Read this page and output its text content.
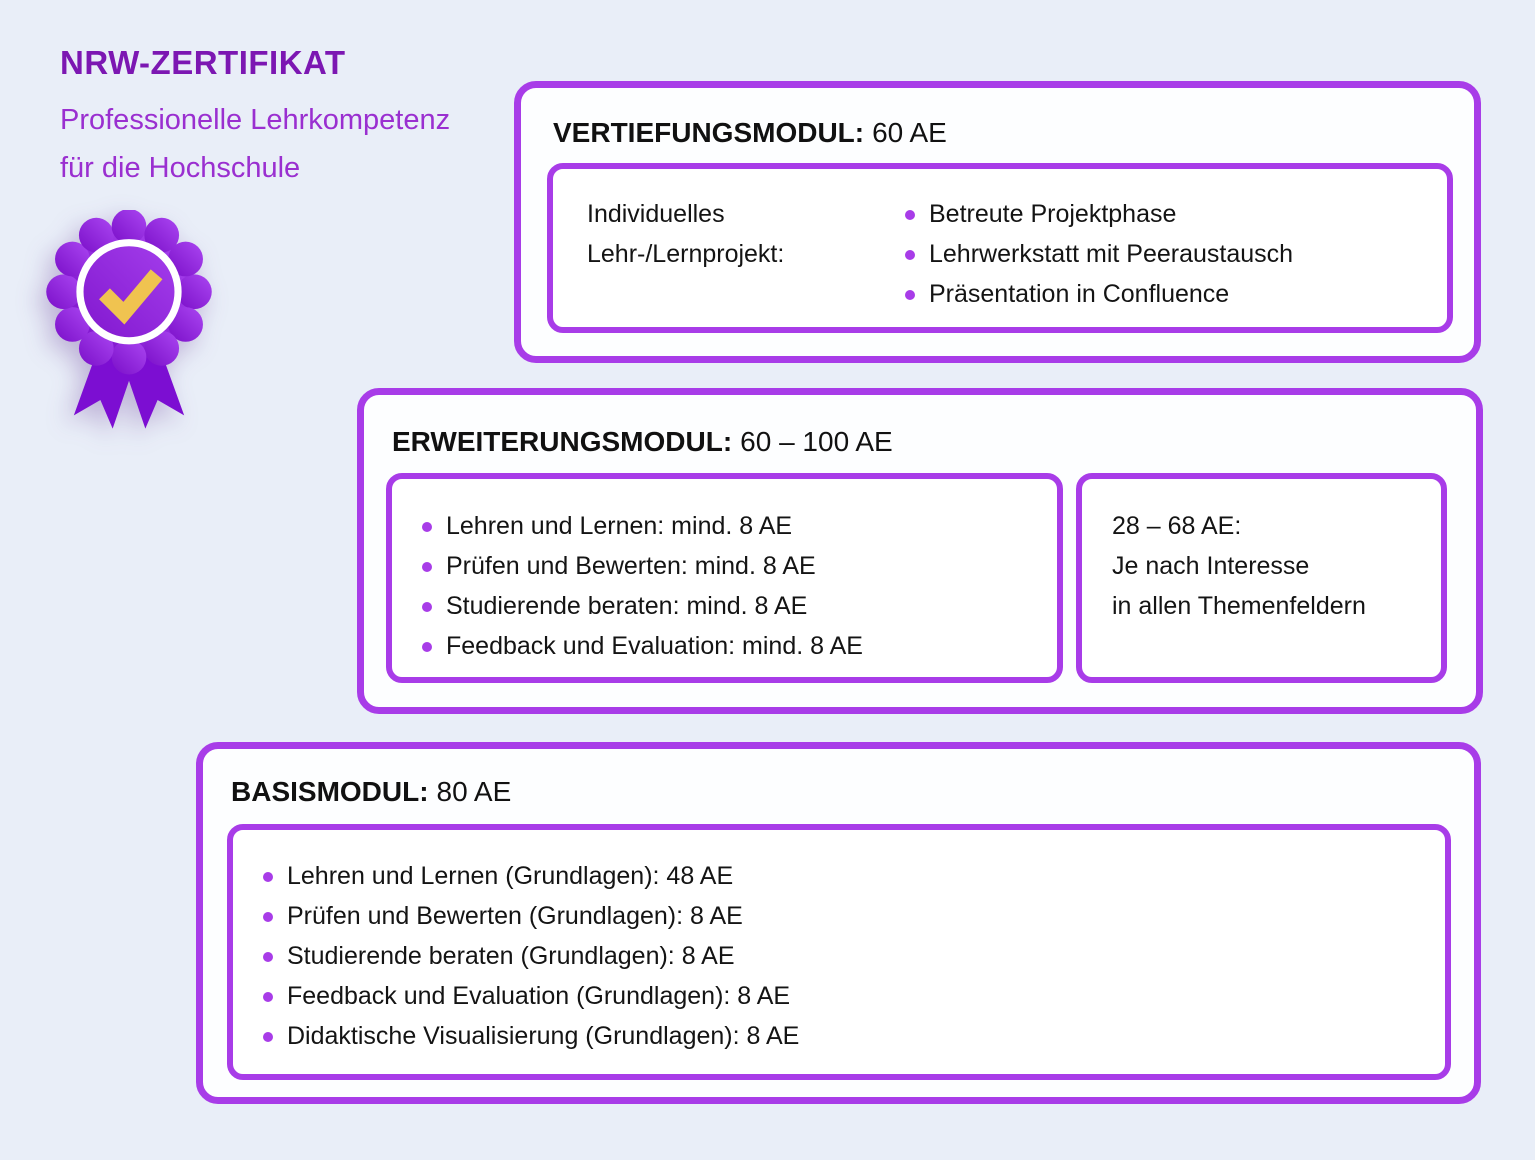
NRW-ZERTIFIKAT

Professionelle Lehrkompetenz
für die Hochschule

VERTIEFUNGSMODUL: 60 AE
Individuelles
Lehr-/Lernprojekt:
Betreute Projektphase
Lehrwerkstatt mit Peeraustausch
Präsentation in Confluence
ERWEITERUNGSMODUL: 60 – 100 AE
Lehren und Lernen: mind. 8 AE
Prüfen und Bewerten: mind. 8 AE
Studierende beraten: mind. 8 AE
Feedback und Evaluation: mind. 8 AE
28 – 68 AE:
Je nach Interesse
in allen Themenfeldern
BASISMODUL: 80 AE
Lehren und Lernen (Grundlagen): 48 AE
Prüfen und Bewerten (Grundlagen): 8 AE
Studierende beraten (Grundlagen): 8 AE
Feedback und Evaluation (Grundlagen): 8 AE
Didaktische Visualisierung (Grundlagen): 8 AE
